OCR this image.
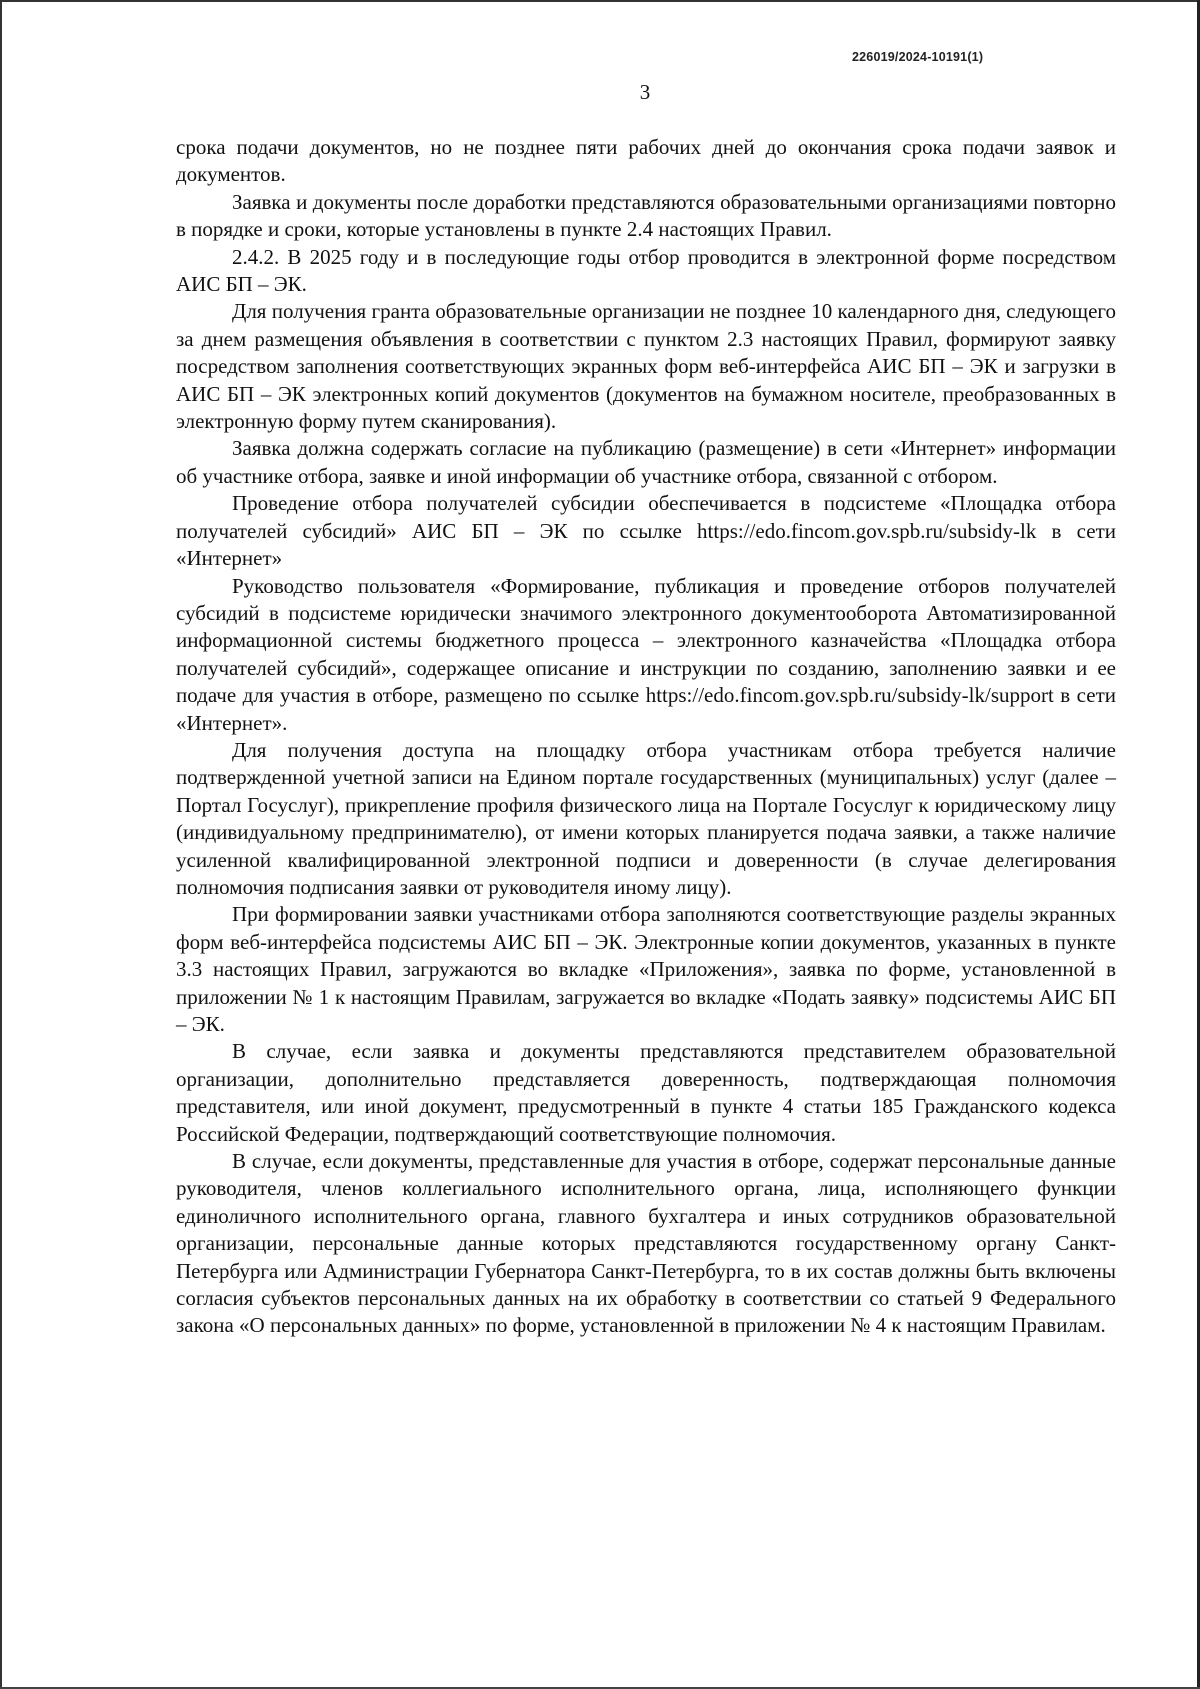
226019/2024-10191(1)
3

срока подачи документов, но не позднее пяти рабочих дней до окончания срока подачи заявок и документов.

Заявка и документы после доработки представляются образовательными организациями повторно в порядке и сроки, которые установлены в пункте 2.4 настоящих Правил.

2.4.2. В 2025 году и в последующие годы отбор проводится в электронной форме посредством АИС БП – ЭК.

Для получения гранта образовательные организации не позднее 10 календарного дня, следующего за днем размещения объявления в соответствии с пунктом 2.3 настоящих Правил, формируют заявку посредством заполнения соответствующих экранных форм веб-интерфейса АИС БП – ЭК и загрузки в АИС БП – ЭК электронных копий документов (документов на бумажном носителе, преобразованных в электронную форму путем сканирования).

Заявка должна содержать согласие на публикацию (размещение) в сети «Интернет» информации об участнике отбора, заявке и иной информации об участнике отбора, связанной с отбором.

Проведение отбора получателей субсидии обеспечивается в подсистеме «Площадка отбора получателей субсидий» АИС БП – ЭК по ссылке https://edo.fincom.gov.spb.ru/subsidy-lk в сети «Интернет»

Руководство пользователя «Формирование, публикация и проведение отборов получателей субсидий в подсистеме юридически значимого электронного документооборота Автоматизированной информационной системы бюджетного процесса – электронного казначейства «Площадка отбора получателей субсидий», содержащее описание и инструкции по созданию, заполнению заявки и ее подаче для участия в отборе, размещено по ссылке https://edo.fincom.gov.spb.ru/subsidy-lk/support в сети «Интернет».

Для получения доступа на площадку отбора участникам отбора требуется наличие подтвержденной учетной записи на Едином портале государственных (муниципальных) услуг (далее – Портал Госуслуг), прикрепление профиля физического лица на Портале Госуслуг к юридическому лицу (индивидуальному предпринимателю), от имени которых планируется подача заявки, а также наличие усиленной квалифицированной электронной подписи и доверенности (в случае делегирования полномочия подписания заявки от руководителя иному лицу).

При формировании заявки участниками отбора заполняются соответствующие разделы экранных форм веб-интерфейса подсистемы АИС БП – ЭК. Электронные копии документов, указанных в пункте 3.3 настоящих Правил, загружаются во вкладке «Приложения», заявка по форме, установленной в приложении № 1 к настоящим Правилам, загружается во вкладке «Подать заявку» подсистемы АИС БП – ЭК.

В случае, если заявка и документы представляются представителем образовательной организации, дополнительно представляется доверенность, подтверждающая полномочия представителя, или иной документ, предусмотренный в пункте 4 статьи 185 Гражданского кодекса Российской Федерации, подтверждающий соответствующие полномочия.

В случае, если документы, представленные для участия в отборе, содержат персональные данные руководителя, членов коллегиального исполнительного органа, лица, исполняющего функции единоличного исполнительного органа, главного бухгалтера и иных сотрудников образовательной организации, персональные данные которых представляются государственному органу Санкт-Петербурга или Администрации Губернатора Санкт-Петербурга, то в их состав должны быть включены согласия субъектов персональных данных на их обработку в соответствии со статьей 9 Федерального закона «О персональных данных» по форме, установленной в приложении № 4 к настоящим Правилам.
